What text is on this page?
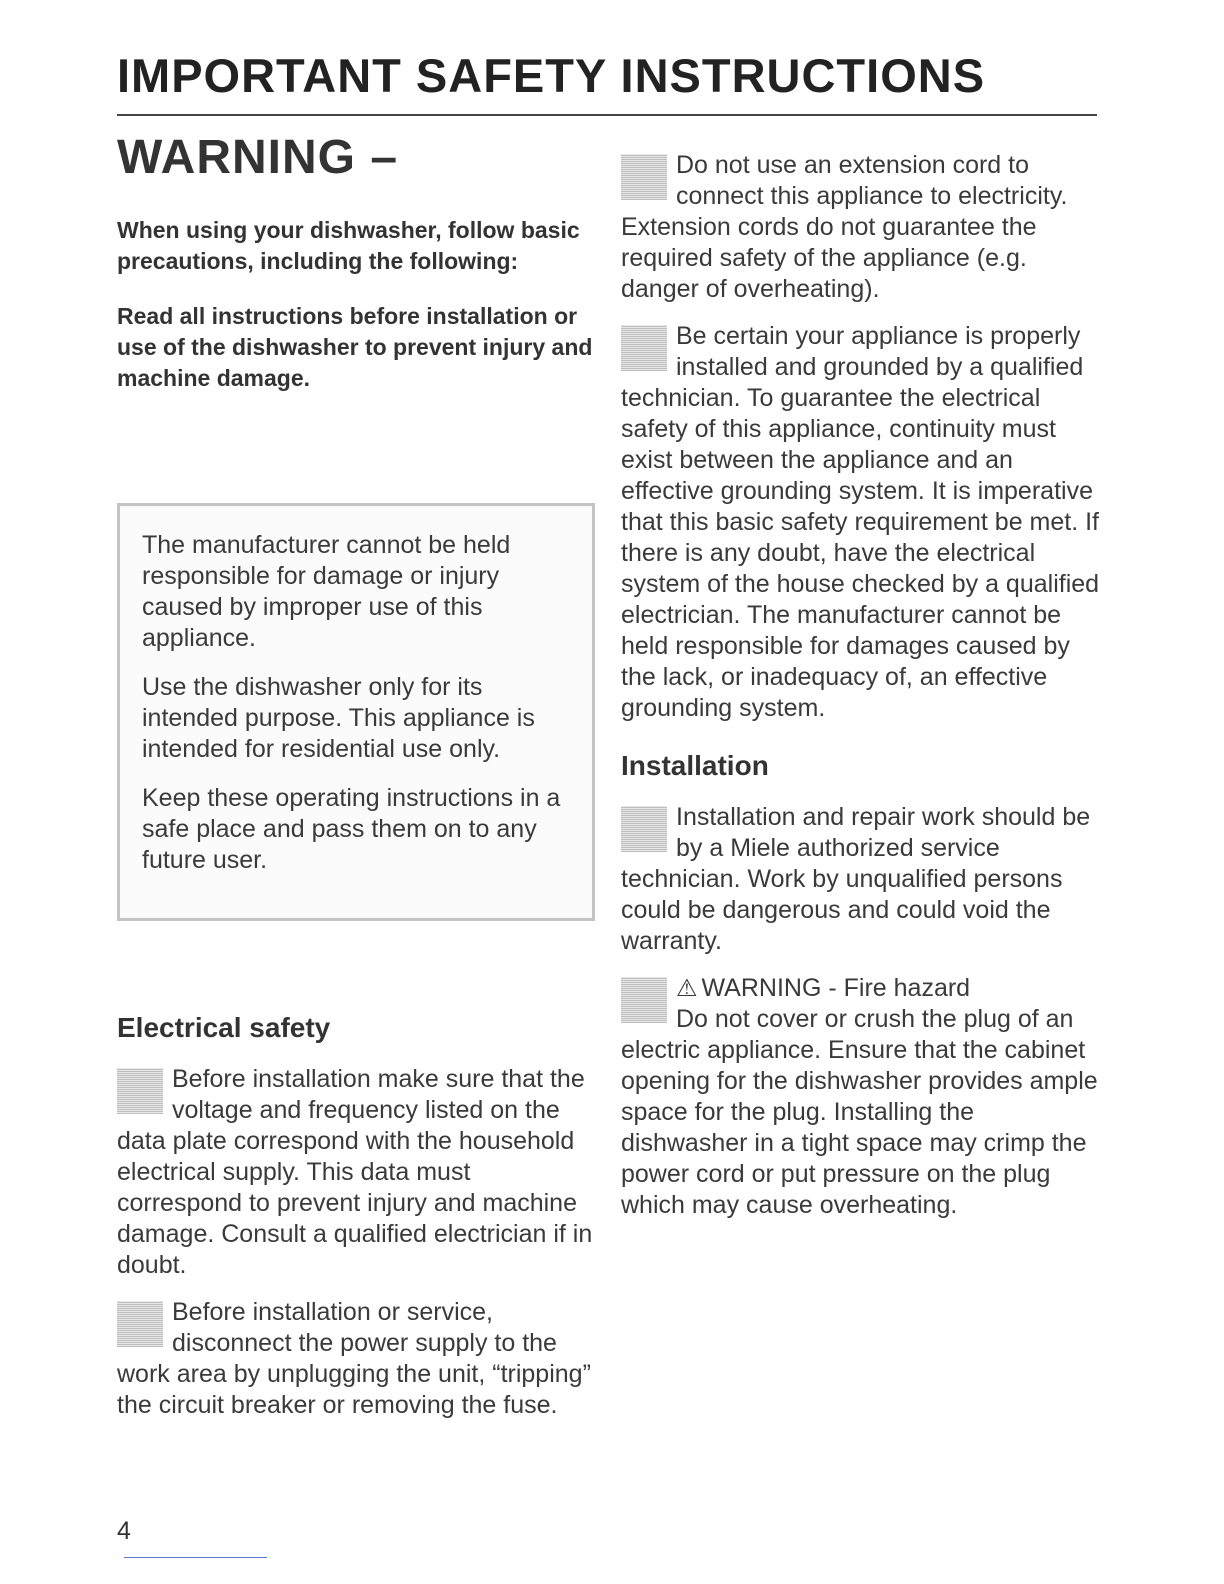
IMPORTANT SAFETY INSTRUCTIONS
WARNING –

When using your dishwasher, follow basic precautions, including the following:

Read all instructions before installation or use of the dishwasher to prevent injury and machine damage.

The manufacturer cannot be held responsible for damage or injury caused by improper use of this appliance.

Use the dishwasher only for its intended purpose. This appliance is intended for residential use only.

Keep these operating instructions in a safe place and pass them on to any future user.

Electrical safety

Before installation make sure that the voltage and frequency listed on the data plate correspond with the household electrical supply. This data must correspond to prevent injury and machine damage. Consult a qualified electrician if in doubt.

Before installation or service, disconnect the power supply to the work area by unplugging the unit, “tripping” the circuit breaker or removing the fuse.

Do not use an extension cord to connect this appliance to electricity. Extension cords do not guarantee the required safety of the appliance (e.g. danger of overheating).

Be certain your appliance is properly installed and grounded by a qualified technician. To guarantee the electrical safety of this appliance, continuity must exist between the appliance and an effective grounding system. It is imperative that this basic safety requirement be met. If there is any doubt, have the electrical system of the house checked by a qualified electrician. The manufacturer cannot be held responsible for damages caused by the lack, or inadequacy of, an effective grounding system.

Installation

Installation and repair work should be by a Miele authorized service technician. Work by unqualified persons could be dangerous and could void the warranty.

⚠ WARNING - Fire hazard
Do not cover or crush the plug of an electric appliance. Ensure that the cabinet opening for the dishwasher provides ample space for the plug. Installing the dishwasher in a tight space may crimp the power cord or put pressure on the plug which may cause overheating.

4
